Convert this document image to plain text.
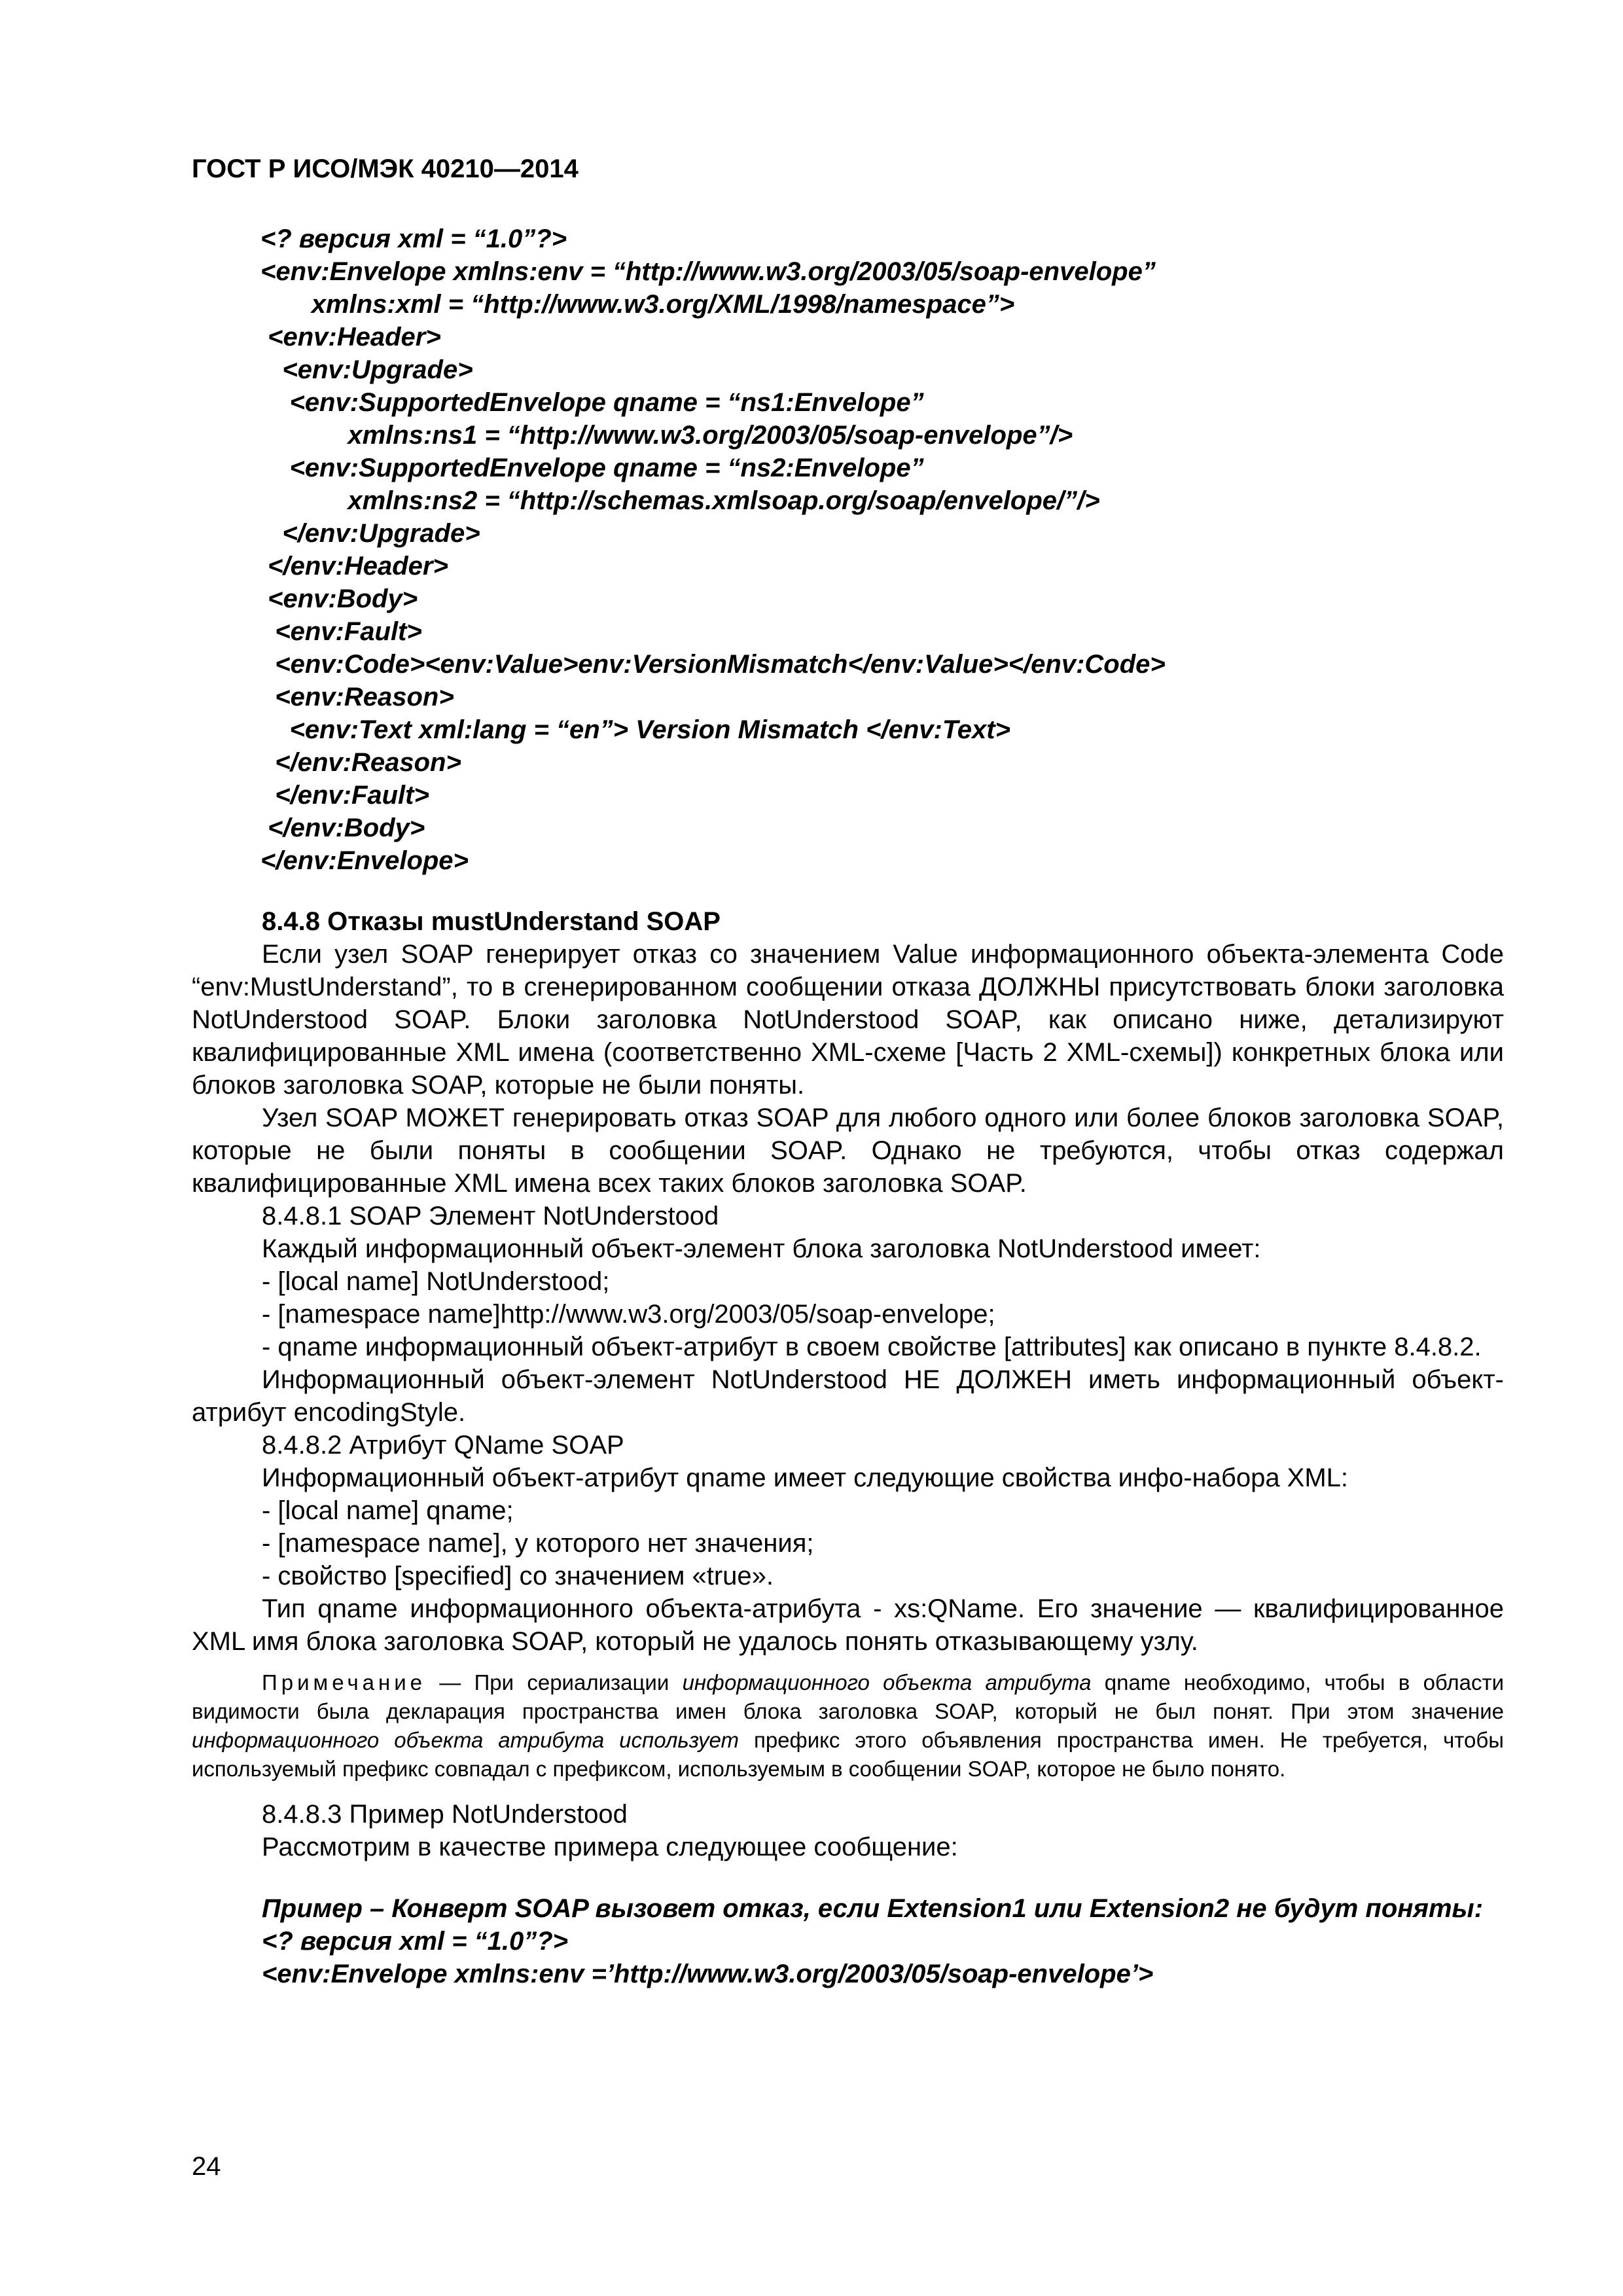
ГОСТ Р ИСО/МЭК 40210—2014
<? версия xml = “1.0”?>
<env:Envelope xmlns:env = “http://www.w3.org/2003/05/soap-envelope”
xmlns:xml = “http://www.w3.org/XML/1998/namespace”>
<env:Header>
<env:Upgrade>
<env:SupportedEnvelope qname = “ns1:Envelope”
xmlns:ns1 = “http://www.w3.org/2003/05/soap-envelope”/>
<env:SupportedEnvelope qname = “ns2:Envelope”
xmlns:ns2 = “http://schemas.xmlsoap.org/soap/envelope/”/>
</env:Upgrade>
</env:Header>
<env:Body>
<env:Fault>
<env:Code><env:Value>env:VersionMismatch</env:Value></env:Code>
<env:Reason>
<env:Text xml:lang = “en”> Version Mismatch </env:Text>
</env:Reason>
</env:Fault>
</env:Body>
</env:Envelope>
8.4.8 Отказы mustUnderstand SOAP
Если узел SOAP генерирует отказ со значением Value информационного объекта-элемента Code “env:MustUnderstand”, то в сгенерированном сообщении отказа ДОЛЖНЫ присутствовать блоки заголовка NotUnderstood SOAP. Блоки заголовка NotUnderstood SOAP, как описано ниже, детализируют квалифицированные XML имена (соответственно XML-схеме [Часть 2 XML-схемы]) конкретных блока или блоков заголовка SOAP, которые не были поняты.
Узел SOAP МОЖЕТ генерировать отказ SOAP для любого одного или более блоков заголовка SOAP, которые не были поняты в сообщении SOAP. Однако не требуются, чтобы отказ содержал квалифицированные XML имена всех таких блоков заголовка SOAP.
8.4.8.1 SOAP Элемент NotUnderstood
Каждый информационный объект-элемент блока заголовка NotUnderstood имеет:
- [local name] NotUnderstood;
- [namespace name]http://www.w3.org/2003/05/soap-envelope;
- qname информационный объект-атрибут в своем свойстве [attributes] как описано в пункте 8.4.8.2.
Информационный объект-элемент NotUnderstood НЕ ДОЛЖЕН иметь информационный объект-атрибут encodingStyle.
8.4.8.2 Атрибут QName SOAP
Информационный объект-атрибут qname имеет следующие свойства инфо-набора XML:
- [local name] qname;
- [namespace name], у которого нет значения;
- свойство [specified] со значением «true».
Тип qname информационного объекта-атрибута - xs:QName. Его значение — квалифицированное XML имя блока заголовка SOAP, который не удалось понять отказывающему узлу.
Примечание — При сериализации информационного объекта атрибута qname необходимо, чтобы в области видимости была декларация пространства имен блока заголовка SOAP, который не был понят. При этом значение информационного объекта атрибута использует префикс этого объявления пространства имен. Не требуется, чтобы используемый префикс совпадал с префиксом, используемым в сообщении SOAP, которое не было понято.
8.4.8.3 Пример NotUnderstood
Рассмотрим в качестве примера следующее сообщение:
Пример – Конверт SOAP вызовет отказ, если Extension1 или Extension2 не будут поняты:
<? версия xml = “1.0”?>
<env:Envelope xmlns:env =’http://www.w3.org/2003/05/soap-envelope’>
24
